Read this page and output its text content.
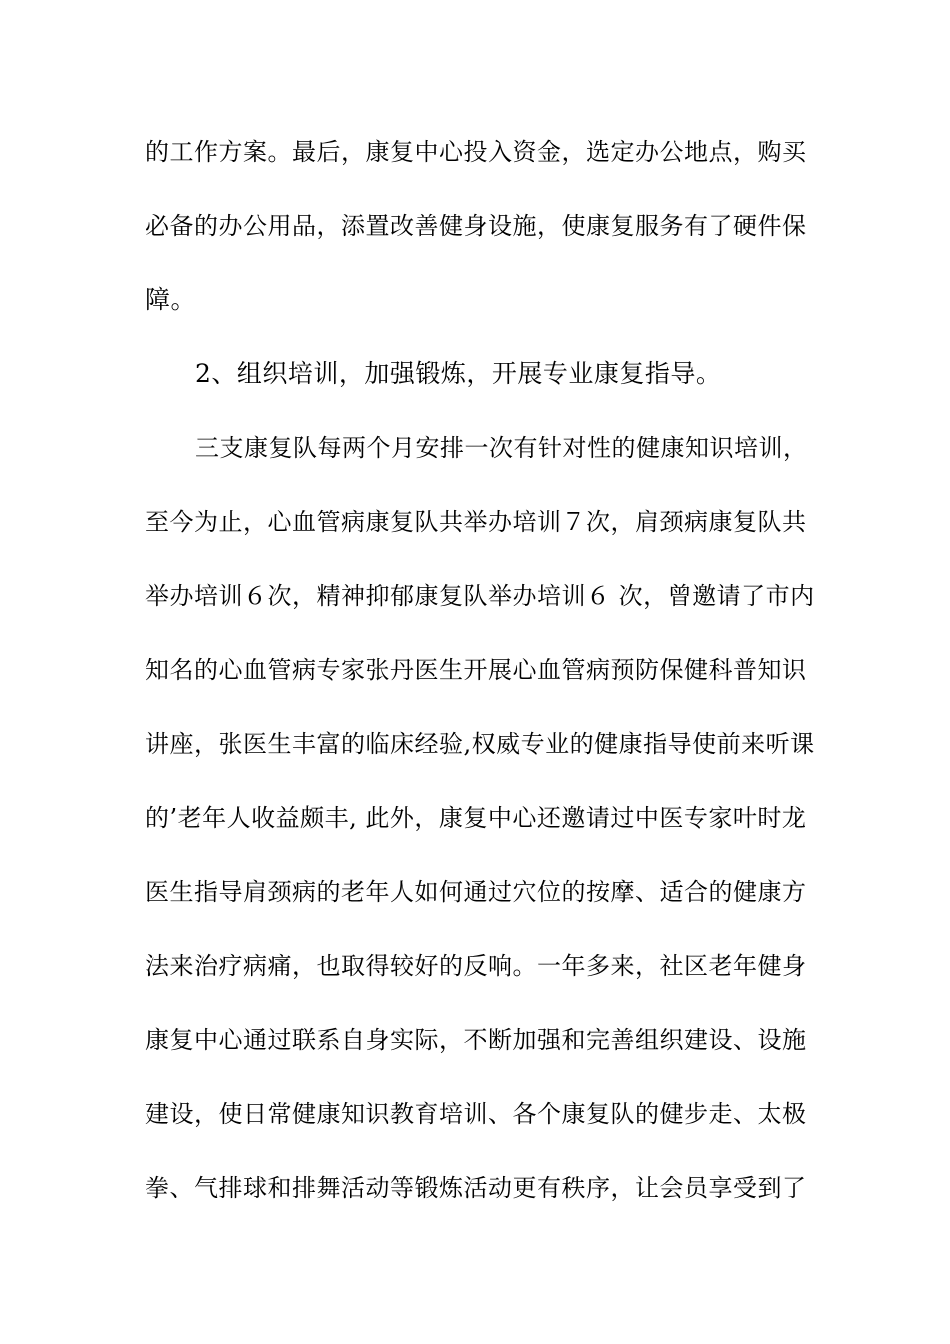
的工作方案。最后，康复中心投入资金，选定办公地点，购买
必备的办公用品，添置改善健身设施，使康复服务有了硬件保
障。
2、组织培训，加强锻炼，开展专业康复指导。
三支康复队每两个月安排一次有针对性的健康知识培训，
至今为止，心血管病康复队共举办培训７次，肩颈病康复队共
举办培训６次，精神抑郁康复队举办培训６ 次，曾邀请了市内
知名的心血管病专家张丹医生开展心血管病预防保健科普知识
讲座，张医生丰富的临床经验,权威专业的健康指导使前来听课
的’老年人收益颇丰, 此外，康复中心还邀请过中医专家叶时龙
医生指导肩颈病的老年人如何通过穴位的按摩、适合的健康方
法来治疗病痛，也取得较好的反响。一年多来，社区老年健身
康复中心通过联系自身实际，不断加强和完善组织建设、设施
建设，使日常健康知识教育培训、各个康复队的健步走、太极
拳、气排球和排舞活动等锻炼活动更有秩序，让会员享受到了
